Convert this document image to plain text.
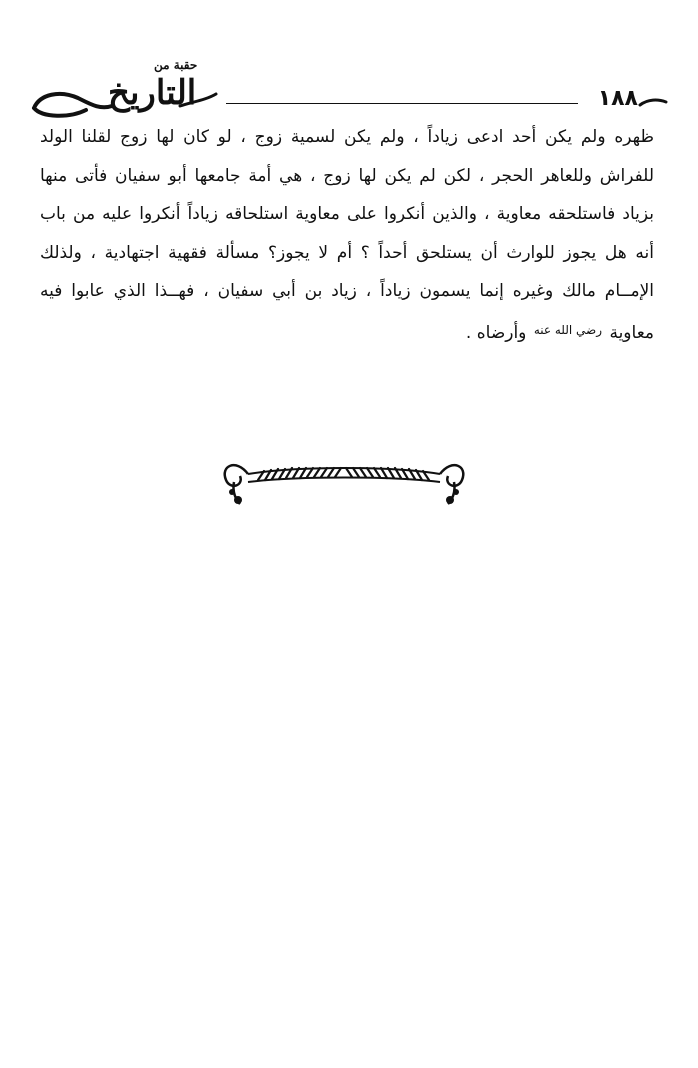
حقبة من
التاريخ	١٨٨
ظهره ولم يكن أحد ادعى زياداً ، ولم يكن لسمية زوج ، لو كان لها زوج لقلنا الولد
للفراش وللعاهر الحجر ، لكن لم يكن لها زوج ، هي أمة جامعها أبو سفيان فأتى منها
بزياد فاستلحقه معاوية ، والذين أنكروا على معاوية استلحاقه زياداً أنكروا عليه من باب
أنه هل يجوز للوارث أن يستلحق أحداً ؟ أم لا يجوز؟ مسألة فقهية اجتهادية ، ولذلك
الإمــام مالك وغيره إنما يسمون زياداً ، زياد بن أبي سفيان ، فهــذا الذي عابوا فيه
معاوية رضي الله عنه وأرضاه .
